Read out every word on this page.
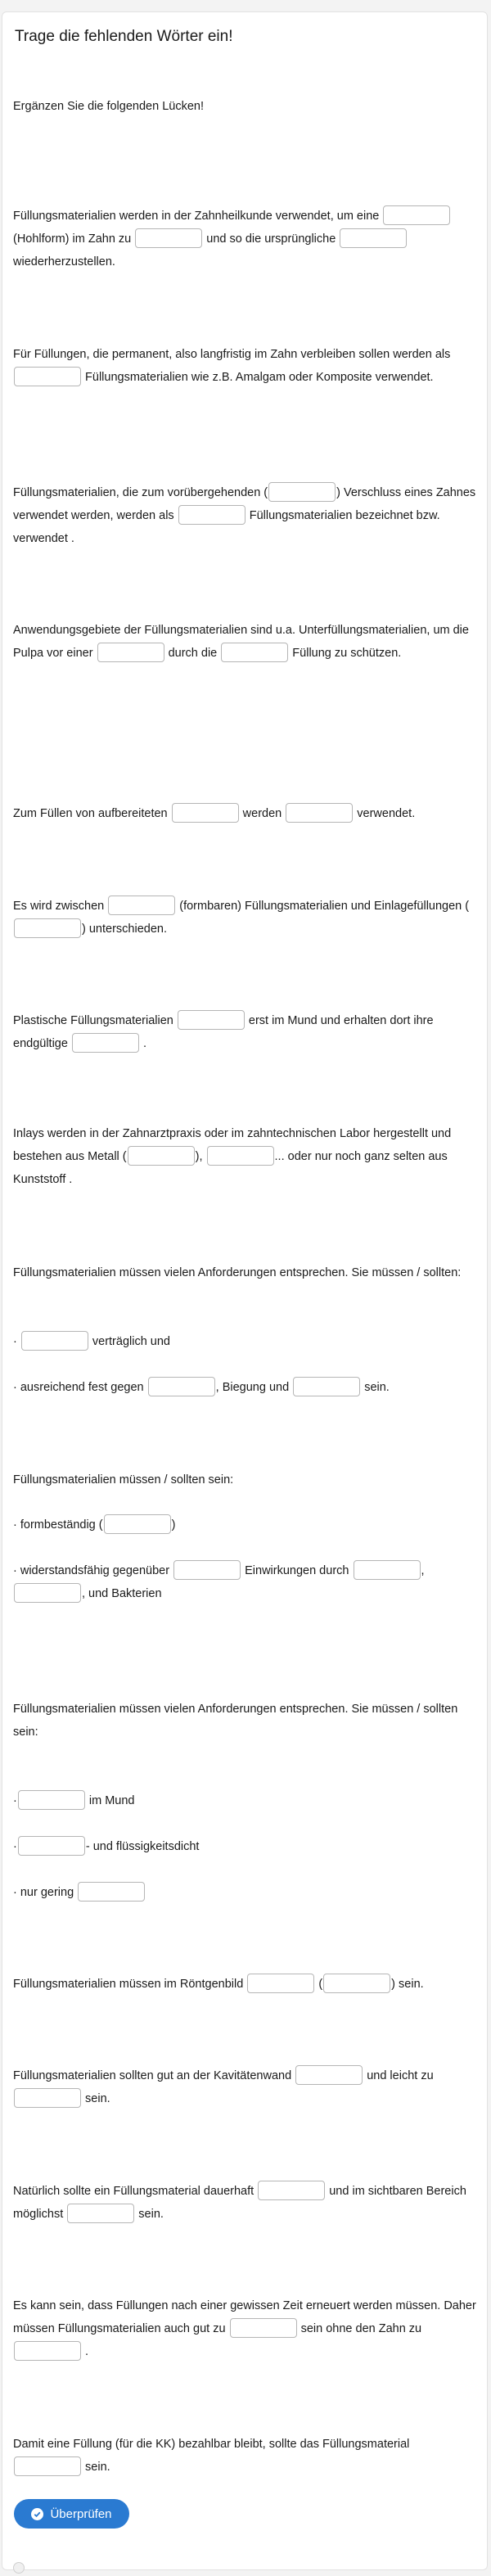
Trage die fehlenden Wörter ein!
Ergänzen Sie die folgenden Lücken!
Füllungsmaterialien werden in der Zahnheilkunde verwendet, um eine  (Hohlform) im Zahn zu	und so die ursprüngliche  wiederherzustellen.
Für Füllungen, die permanent, also langfristig im Zahn verbleiben sollen werden als  Füllungsmaterialien wie z.B. Amalgam oder Komposite verwendet.
Füllungsmaterialien, die zum vorübergehenden (	) Verschluss eines Zahnes verwendet werden, werden als	Füllungsmaterialien bezeichnet bzw. verwendet .
Anwendungsgebiete der Füllungsmaterialien sind u.a. Unterfüllungsmaterialien, um die Pulpa vor einer	durch die	Füllung zu schützen.
Zum Füllen von aufbereiteten	werden	verwendet.
Es wird zwischen	(formbaren) Füllungsmaterialien und Einlagefüllungen () unterschieden.
Plastische Füllungsmaterialien	erst im Mund und erhalten dort ihre endgültige	.
Inlays werden in der Zahnarztpraxis oder im zahntechnischen Labor hergestellt und bestehen aus Metall (	),	... oder nur noch ganz selten aus Kunststoff .
Füllungsmaterialien müssen vielen Anforderungen entsprechen. Sie müssen / sollten:
·	verträglich und
· ausreichend fest gegen	, Biegung und	sein.
Füllungsmaterialien müssen / sollten sein:
· formbeständig (	)
· widerstandsfähig gegenüber	Einwirkungen durch	, , und Bakterien
Füllungsmaterialien müssen vielen Anforderungen entsprechen. Sie müssen / sollten sein:
·	im Mund
·	- und flüssigkeitsdicht
· nur gering
Füllungsmaterialien müssen im Röntgenbild	(	) sein.
Füllungsmaterialien sollten gut an der Kavitätenwand	und leicht zu  sein.
Natürlich sollte ein Füllungsmaterial dauerhaft	und im sichtbaren Bereich möglichst	sein.
Es kann sein, dass Füllungen nach einer gewissen Zeit erneuert werden müssen. Daher müssen Füllungsmaterialien auch gut zu	sein ohne den Zahn zu  .
Damit eine Füllung (für die KK) bezahlbar bleibt, sollte das Füllungsmaterial  sein.
Überprüfen
